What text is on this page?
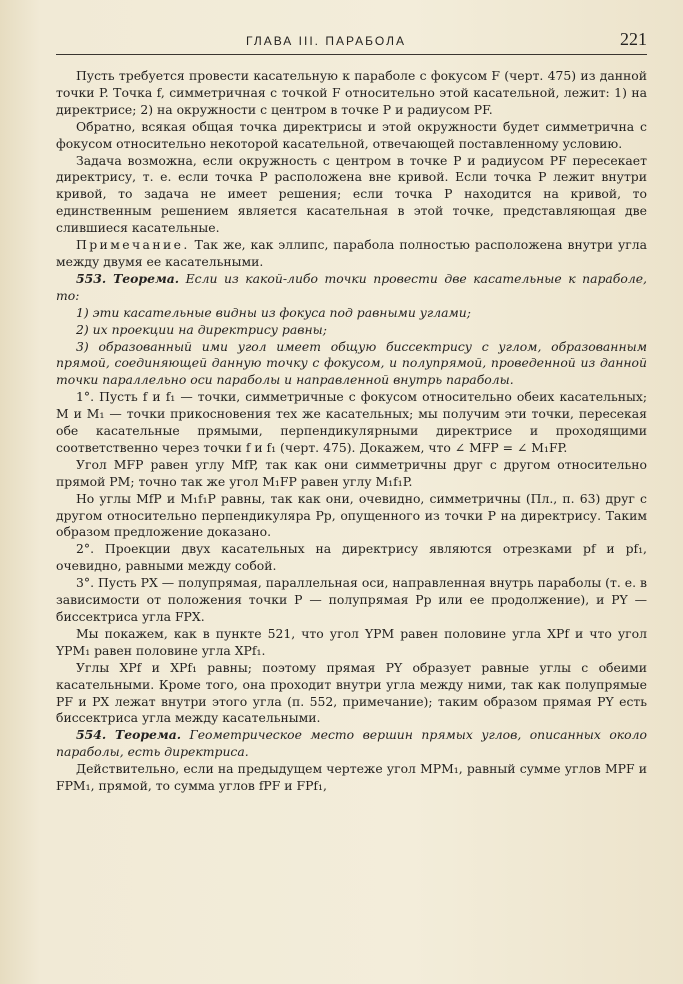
ГЛАВА III. ПАРАБОЛА	221

Пусть требуется провести касательную к параболе с фокусом F (черт. 475) из данной точки P. Точка f, симметричная с точкой F относительно этой касательной, лежит: 1) на директрисе; 2) на окружности с центром в точке P и радиусом PF.

Обратно, всякая общая точка директрисы и этой окружности будет симметрична с фокусом относительно некоторой касательной, отвечающей поставленному условию.

Задача возможна, если окружность с центром в точке P и радиусом PF пересекает директрису, т. е. если точка P расположена вне кривой. Если точка P лежит внутри кривой, то задача не имеет решения; если точка P находится на кривой, то единственным решением является касательная в этой точке, представляющая две слившиеся касательные.

Примечание. Так же, как эллипс, парабола полностью расположена внутри угла между двумя ее касательными.

553. Теорема. Если из какой-либо точки провести две касательные к параболе, то:

1) эти касательные видны из фокуса под равными углами;

2) их проекции на директрису равны;

3) образованный ими угол имеет общую биссектрису с углом, образованным прямой, соединяющей данную точку с фокусом, и полупрямой, проведенной из данной точки параллельно оси параболы и направленной внутрь параболы.

1°. Пусть f и f₁ — точки, симметричные с фокусом относительно обеих касательных; M и M₁ — точки прикосновения тех же касательных; мы получим эти точки, пересекая обе касательные прямыми, перпендикулярными директрисе и проходящими соответственно через точки f и f₁ (черт. 475). Докажем, что ∠ MFP = ∠ M₁FP.

Угол MFP равен углу MfP, так как они симметричны друг с другом относительно прямой PM; точно так же угол M₁FP равен углу M₁f₁P.

Но углы MfP и M₁f₁P равны, так как они, очевидно, симметричны (Пл., п. 63) друг с другом относительно перпендикуляра Pp, опущенного из точки P на директрису. Таким образом предложение доказано.

2°. Проекции двух касательных на директрису являются отрезками pf и pf₁, очевидно, равными между собой.

3°. Пусть PX — полупрямая, параллельная оси, направленная внутрь параболы (т. е. в зависимости от положения точки P — полупрямая Pp или ее продолжение), и PY — биссектриса угла FPX.

Мы покажем, как в пункте 521, что угол YPM равен половине угла XPf и что угол YPM₁ равен половине угла XPf₁.

Углы XPf и XPf₁ равны; поэтому прямая PY образует равные углы с обеими касательными. Кроме того, она проходит внутри угла между ними, так как полупрямые PF и PX лежат внутри этого угла (п. 552, примечание); таким образом прямая PY есть биссектриса угла между касательными.

554. Теорема. Геометрическое место вершин прямых углов, описанных около параболы, есть директриса.

Действительно, если на предыдущем чертеже угол MPM₁, равный сумме углов MPF и FPM₁, прямой, то сумма углов fPF и FPf₁,
